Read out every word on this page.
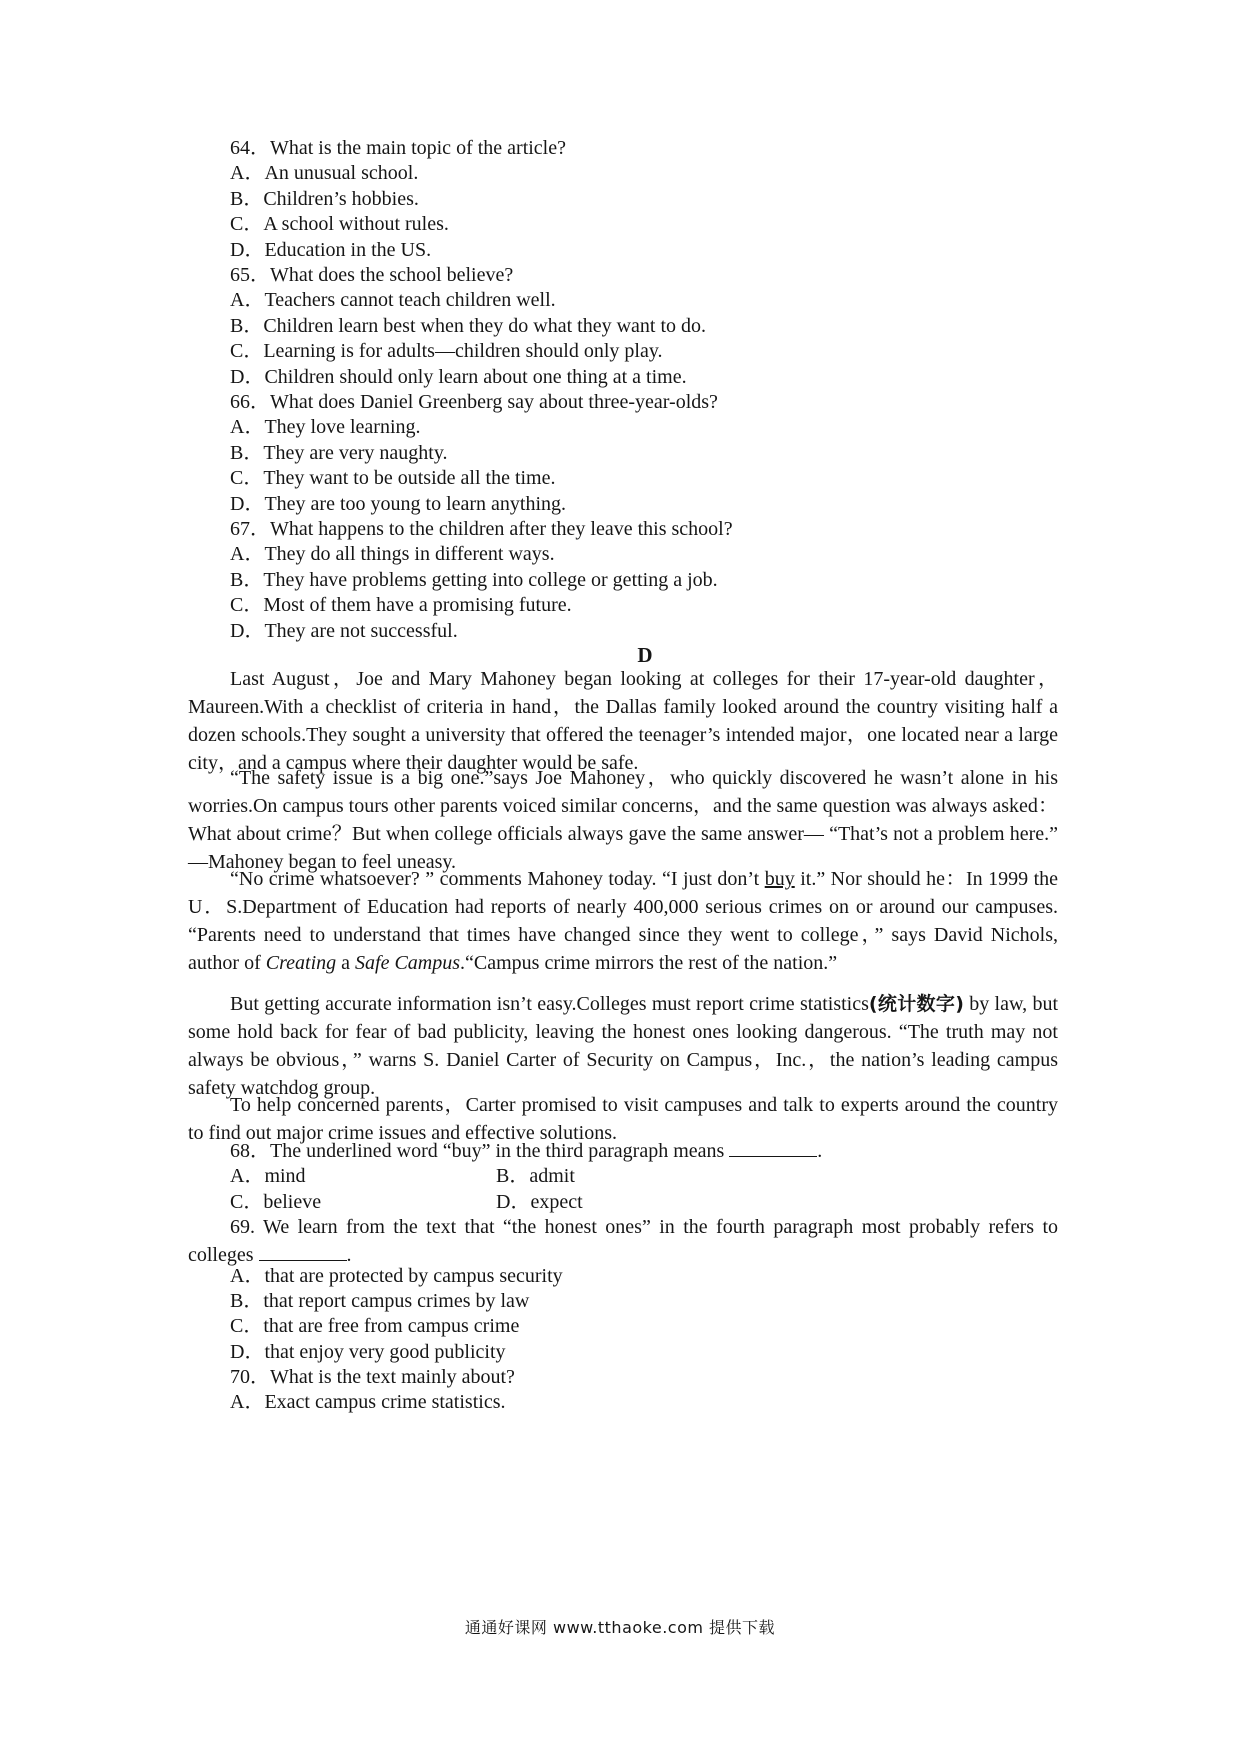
64．What is the main topic of the article?
A．An unusual school.
B．Children’s hobbies.
C．A school without rules.
D．Education in the US.
65．What does the school believe?
A．Teachers cannot teach children well.
B．Children learn best when they do what they want to do.
C．Learning is for adults—children should only play.
D．Children should only learn about one thing at a time.
66．What does Daniel Greenberg say about three-year-olds?
A．They love learning.
B．They are very naughty.
C．They want to be outside all the time.
D．They are too young to learn anything.
67．What happens to the children after they leave this school?
A．They do all things in different ways.
B．They have problems getting into college or getting a job.
C．Most of them have a promising future.
D．They are not successful.
D

Last August，Joe and Mary Mahoney began looking at colleges for their 17-year-old daughter，Maureen.With a checklist of criteria in hand，the Dallas family looked around the country visiting half a dozen schools.They sought a university that offered the teenager’s intended major，one located near a large city，and a campus where their daughter would be safe.

“The safety issue is a big one.”says Joe Mahoney，who quickly discovered he wasn’t alone in his worries.On campus tours other parents voiced similar concerns，and the same question was always asked：What about crime？But when college officials always gave the same answer— “That’s not a problem here.” —Mahoney began to feel uneasy.

“No crime whatsoever? ” comments Mahoney today. “I just don’t buy it.” Nor should he：In 1999 the U．S.Department of Education had reports of nearly 400,000 serious crimes on or around our campuses. “Parents need to understand that times have changed since they went to college，” says David Nichols, author of Creating a Safe Campus.“Campus crime mirrors the rest of the nation.”

But getting accurate information isn’t easy.Colleges must report crime statistics(统计数字) by law, but some hold back for fear of bad publicity, leaving the honest ones looking dangerous. “The truth may not always be obvious，” warns S. Daniel Carter of Security on Campus，Inc.，the nation’s leading campus safety watchdog group.

To help concerned parents，Carter promised to visit campuses and talk to experts around the country to find out major crime issues and effective solutions.

68．The underlined word “buy” in the third paragraph means	.
A．mind	B．admit
C．believe	D．expect

69. We learn from the text that “the honest ones” in the fourth paragraph most probably refers to colleges	.

A．that are protected by campus security
B．that report campus crimes by law
C．that are free from campus crime
D．that enjoy very good publicity
70．What is the text mainly about?
A．Exact campus crime statistics.
通通好课网 www.tthaoke.com 提供下载
